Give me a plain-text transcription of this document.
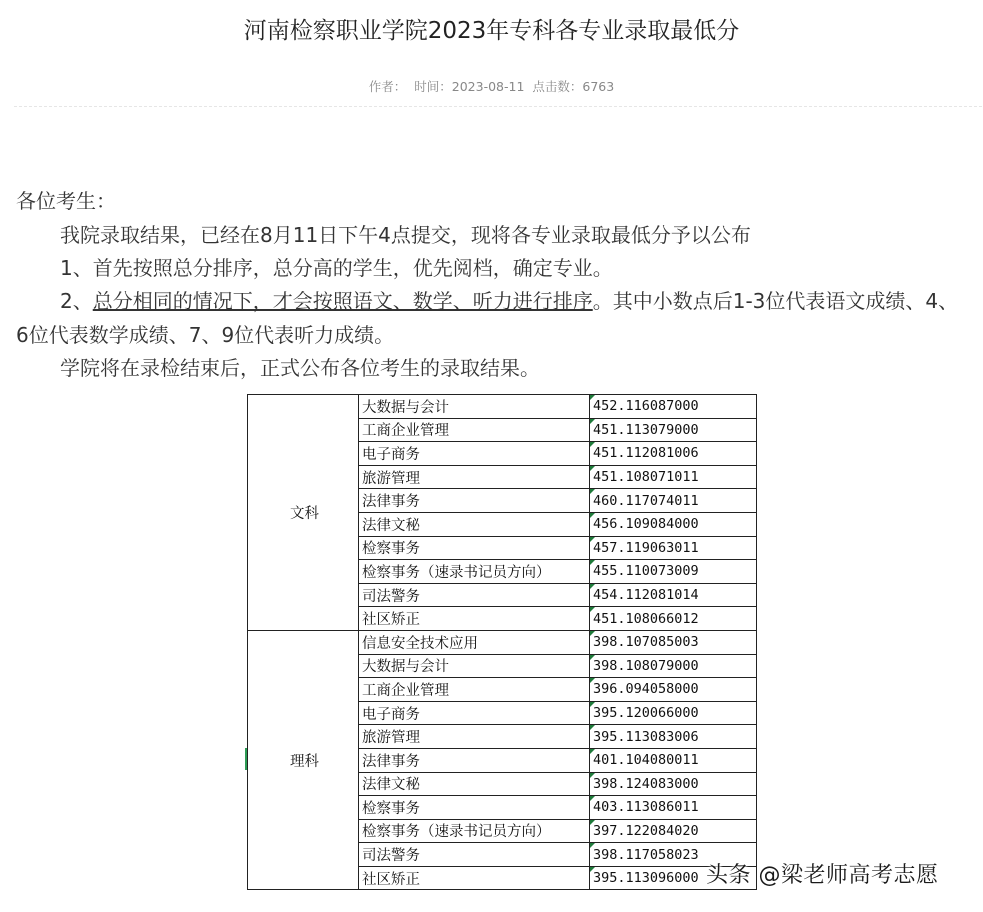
河南检察职业学院2023年专科各专业录取最低分
作者： 时间：2023-08-11 点击数：6763
各位考生：
我院录取结果，已经在8月11日下午4点提交，现将各专业录取最低分予以公布
1、首先按照总分排序，总分高的学生，优先阅档，确定专业。
2、总分相同的情况下，才会按照语文、数学、听力进行排序。其中小数点后1-3位代表语文成绩、4、6位代表数学成绩、7、9位代表听力成绩。
学院将在录检结束后，正式公布各位考生的录取结果。
文科	大数据与会计	452.116087000
	工商企业管理	451.113079000
	电子商务	451.112081006
	旅游管理	451.108071011
	法律事务	460.117074011
	法律文秘	456.109084000
	检察事务	457.119063011
	检察事务（速录书记员方向）	455.110073009
	司法警务	454.112081014
	社区矫正	451.108066012
理科	信息安全技术应用	398.107085003
	大数据与会计	398.108079000
	工商企业管理	396.094058000
	电子商务	395.120066000
	旅游管理	395.113083006
	法律事务	401.104080011
	法律文秘	398.124083000
	检察事务	403.113086011
	检察事务（速录书记员方向）	397.122084020
	司法警务	398.117058023
	社区矫正	395.113096000 头条 @梁老师高考志愿
